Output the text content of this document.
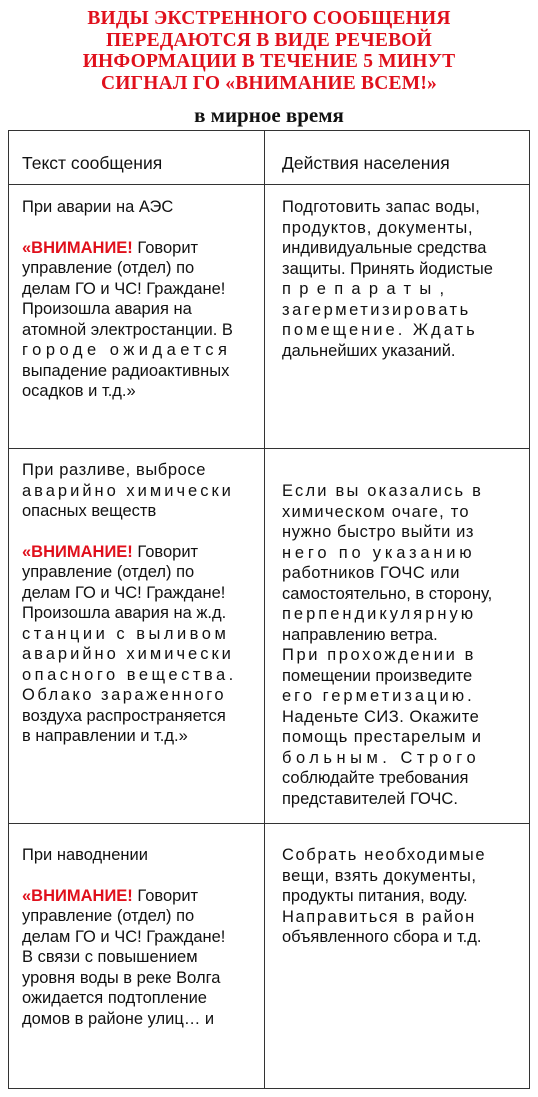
ВИДЫ ЭКСТРЕННОГО СООБЩЕНИЯ
ПЕРЕДАЮТСЯ В ВИДЕ РЕЧЕВОЙ
ИНФОРМАЦИИ В ТЕЧЕНИЕ 5 МИНУТ
СИГНАЛ ГО «ВНИМАНИЕ ВСЕМ!»
в мирное время
Текст сообщения	Действия населения
При аварии на АЭС
«ВНИМАНИЕ! Говорит
управление (отдел) по
делам ГО и ЧС! Граждане!
Произошла авария на
атомной электростанции. В
городе ожидается
выпадение радиоактивных
осадков и т.д.»
Подготовить запас воды,
продуктов, документы,
индивидуальные средства
защиты. Принять йодистые
препараты,
загерметизировать
помещение. Ждать
дальнейших указаний.
При разливе, выбросе
аварийно химически
опасных веществ
«ВНИМАНИЕ! Говорит
управление (отдел) по
делам ГО и ЧС! Граждане!
Произошла авария на ж.д.
станции с выливом
аварийно химически
опасного вещества.
Облако зараженного
воздуха распространяется
в направлении и т.д.»
Если вы оказались в
химическом очаге, то
нужно быстро выйти из
него по указанию
работников ГОЧС или
самостоятельно, в сторону,
перпендикулярную
направлению ветра.
При прохождении в
помещении произведите
его герметизацию.
Наденьте СИЗ. Окажите
помощь престарелым и
больным. Строго
соблюдайте требования
представителей ГОЧС.
При наводнении
«ВНИМАНИЕ! Говорит
управление (отдел) по
делам ГО и ЧС! Граждане!
В связи с повышением
уровня воды в реке Волга
ожидается подтопление
домов в районе улиц… и
Собрать необходимые
вещи, взять документы,
продукты питания, воду.
Направиться в район
объявленного сбора и т.д.
